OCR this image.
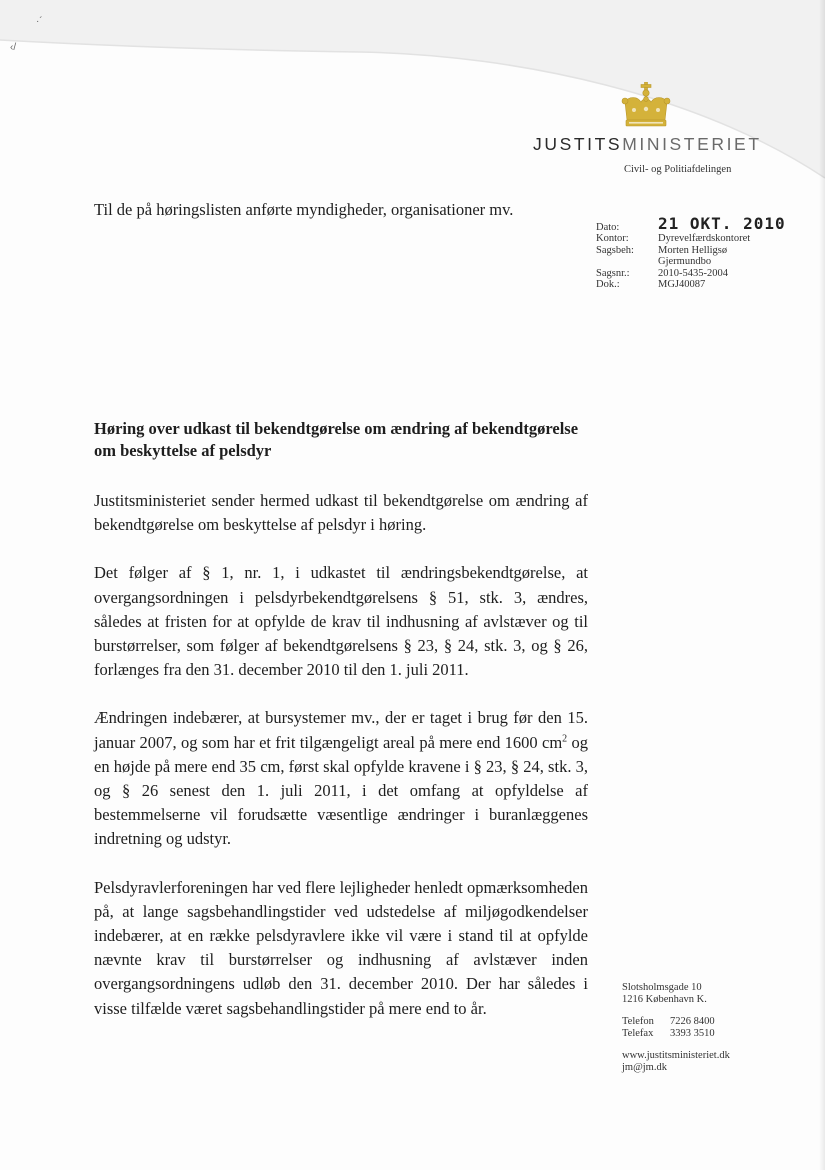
·´
‹/
JUSTITSMINISTERIET
Civil- og Politiafdelingen
Til de på høringslisten anførte myndigheder, organisationer mv.
Dato:	21 OKT. 2010
Kontor:	Dyrevelfærdskontoret
Sagsbeh:	Morten Helligsø
Gjermundbo
Sagsnr.:	2010-5435-2004
Dok.:	MGJ40087
Høring over udkast til bekendtgørelse om ændring af bekendtgørelse om beskyttelse af pelsdyr

Justitsministeriet sender hermed udkast til bekendtgørelse om ændring af bekendtgørelse om beskyttelse af pelsdyr i høring.

Det følger af § 1, nr. 1, i udkastet til ændringsbekendtgørelse, at overgangsordningen i pelsdyrbekendtgørelsens § 51, stk. 3, ændres, således at fristen for at opfylde de krav til indhusning af avlstæver og til burstørrelser, som følger af bekendtgørelsens § 23, § 24, stk. 3, og § 26, forlænges fra den 31. december 2010 til den 1. juli 2011.

Ændringen indebærer, at bursystemer mv., der er taget i brug før den 15. januar 2007, og som har et frit tilgængeligt areal på mere end 1600 $cm^2$ og en højde på mere end 35 cm, først skal opfylde kravene i § 23, § 24, stk. 3, og § 26 senest den 1. juli 2011, i det omfang at opfyldelse af bestemmelserne vil forudsætte væsentlige ændringer i buranlæggenes indretning og udstyr.

Pelsdyravlerforeningen har ved flere lejligheder henledt opmærksomheden på, at lange sagsbehandlingstider ved udstedelse af miljøgodkendelser indebærer, at en række pelsdyravlere ikke vil være i stand til at opfylde nævnte krav til burstørrelser og indhusning af avlstæver inden overgangsordningens udløb den 31. december 2010. Der har således i visse tilfælde været sagsbehandlingstider på mere end to år.

Slotsholmsgade 10
1216 København K.
Telefon	7226 8400
Telefax	3393 3510
www.justitsministeriet.dk
jm@jm.dk
